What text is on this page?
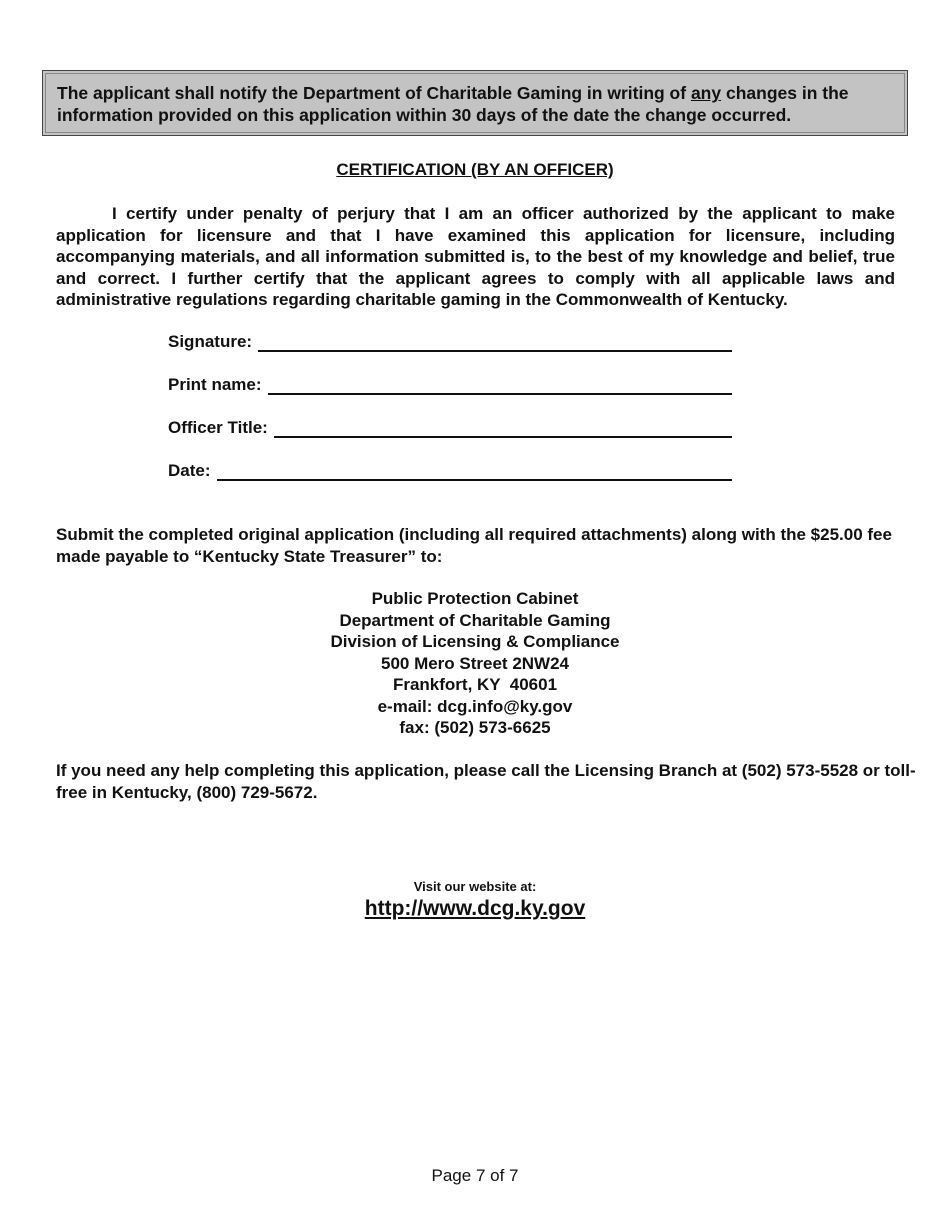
The applicant shall notify the Department of Charitable Gaming in writing of any changes in the information provided on this application within 30 days of the date the change occurred.
CERTIFICATION (BY AN OFFICER)
I certify under penalty of perjury that I am an officer authorized by the applicant to make application for licensure and that I have examined this application for licensure, including accompanying materials, and all information submitted is, to the best of my knowledge and belief, true and correct. I further certify that the applicant agrees to comply with all applicable laws and administrative regulations regarding charitable gaming in the Commonwealth of Kentucky.
Signature:
Print name:
Officer Title:
Date:
Submit the completed original application (including all required attachments) along with the $25.00 fee made payable to “Kentucky State Treasurer” to:
Public Protection Cabinet
Department of Charitable Gaming
Division of Licensing & Compliance
500 Mero Street 2NW24
Frankfort, KY  40601
e-mail: dcg.info@ky.gov
fax: (502) 573-6625
If you need any help completing this application, please call the Licensing Branch at (502) 573-5528 or toll- free in Kentucky, (800) 729-5672.
Visit our website at:
http://www.dcg.ky.gov
Page 7 of 7
